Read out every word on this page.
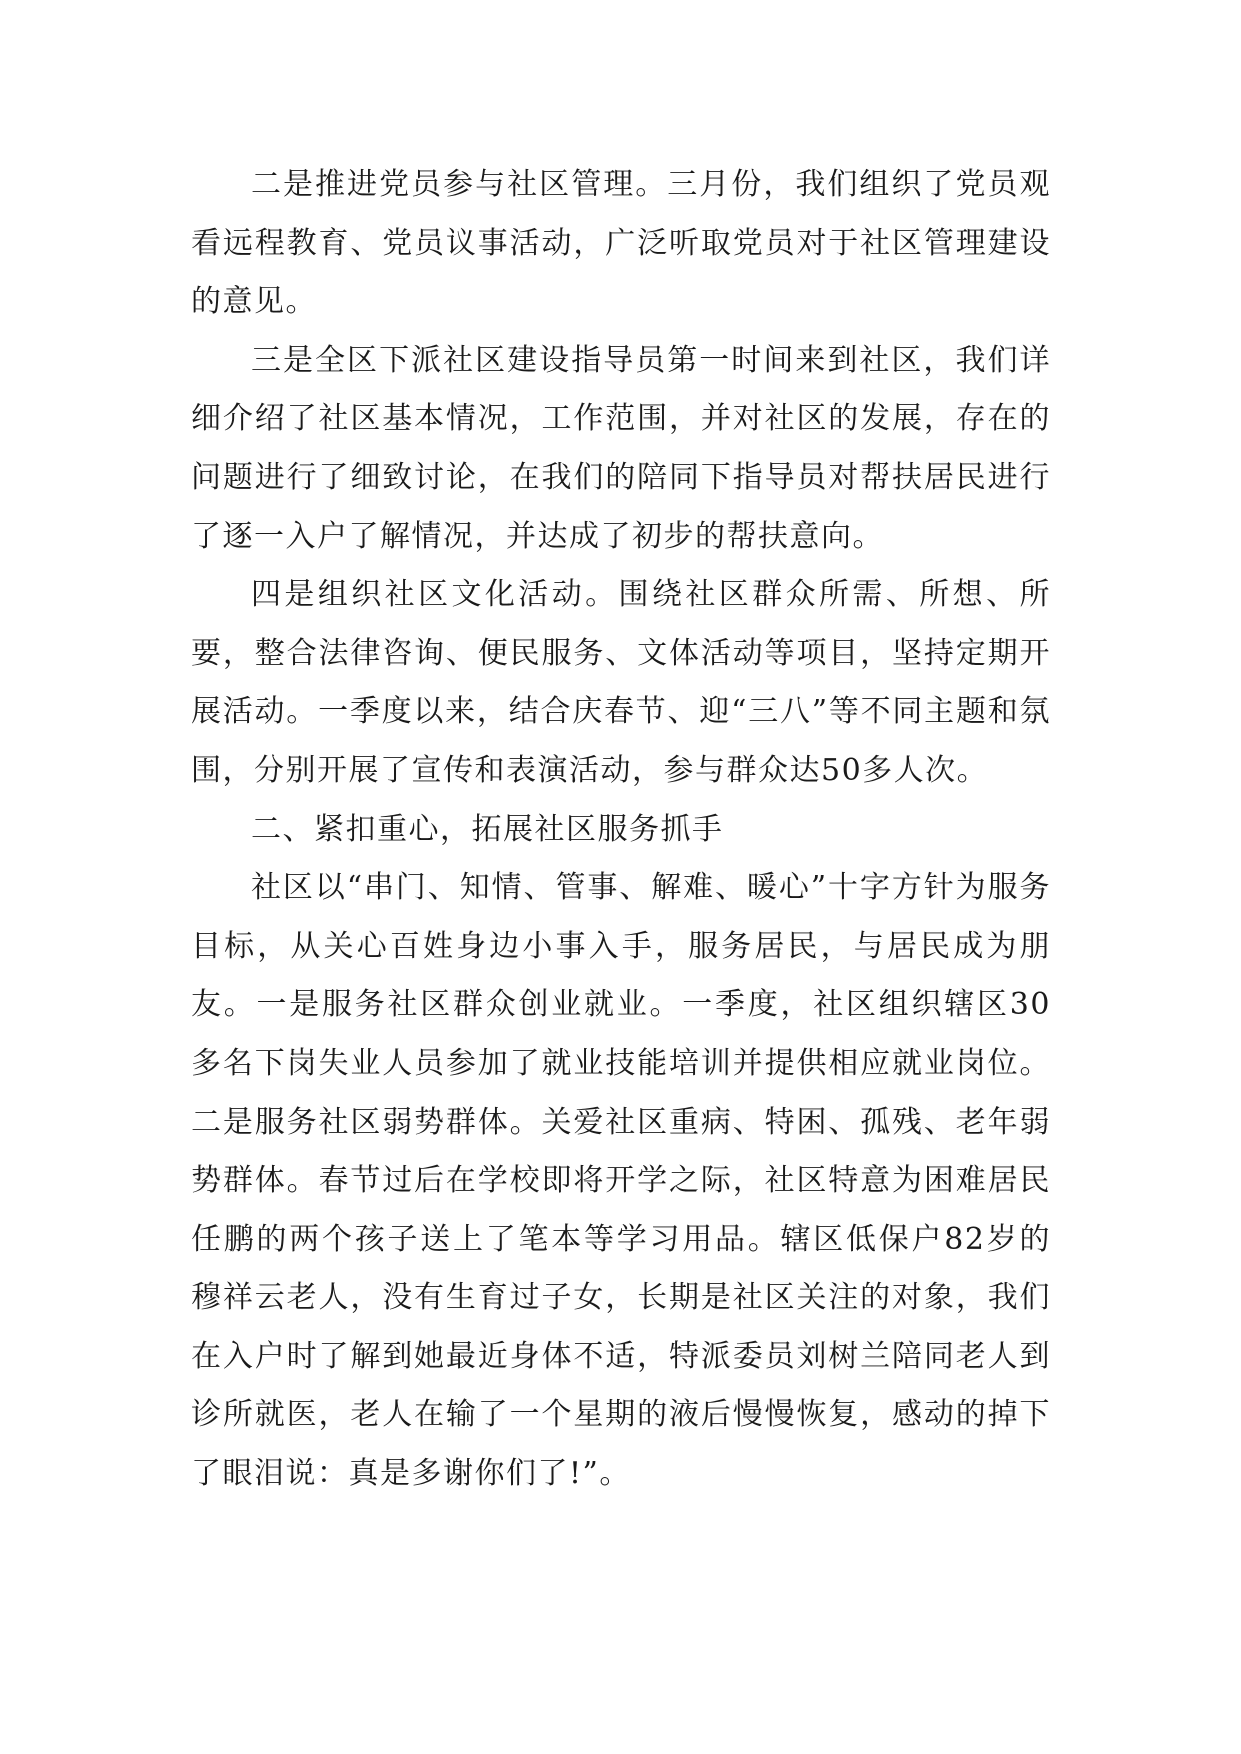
二是推进党员参与社区管理。三月份，我们组织了党员观看远程教育、党员议事活动，广泛听取党员对于社区管理建设的意见。

三是全区下派社区建设指导员第一时间来到社区，我们详细介绍了社区基本情况，工作范围，并对社区的发展，存在的问题进行了细致讨论，在我们的陪同下指导员对帮扶居民进行了逐一入户了解情况，并达成了初步的帮扶意向。

四是组织社区文化活动。围绕社区群众所需、所想、所要，整合法律咨询、便民服务、文体活动等项目，坚持定期开展活动。一季度以来，结合庆春节、迎“三八”等不同主题和氛围，分别开展了宣传和表演活动，参与群众达50多人次。

二、紧扣重心，拓展社区服务抓手

社区以“串门、知情、管事、解难、暖心”十字方针为服务目标，从关心百姓身边小事入手，服务居民，与居民成为朋友。一是服务社区群众创业就业。一季度，社区组织辖区30多名下岗失业人员参加了就业技能培训并提供相应就业岗位。二是服务社区弱势群体。关爱社区重病、特困、孤残、老年弱势群体。春节过后在学校即将开学之际，社区特意为困难居民任鹏的两个孩子送上了笔本等学习用品。辖区低保户82岁的穆祥云老人，没有生育过子女，长期是社区关注的对象，我们在入户时了解到她最近身体不适，特派委员刘树兰陪同老人到诊所就医，老人在输了一个星期的液后慢慢恢复，感动的掉下了眼泪说：真是多谢你们了!”。
